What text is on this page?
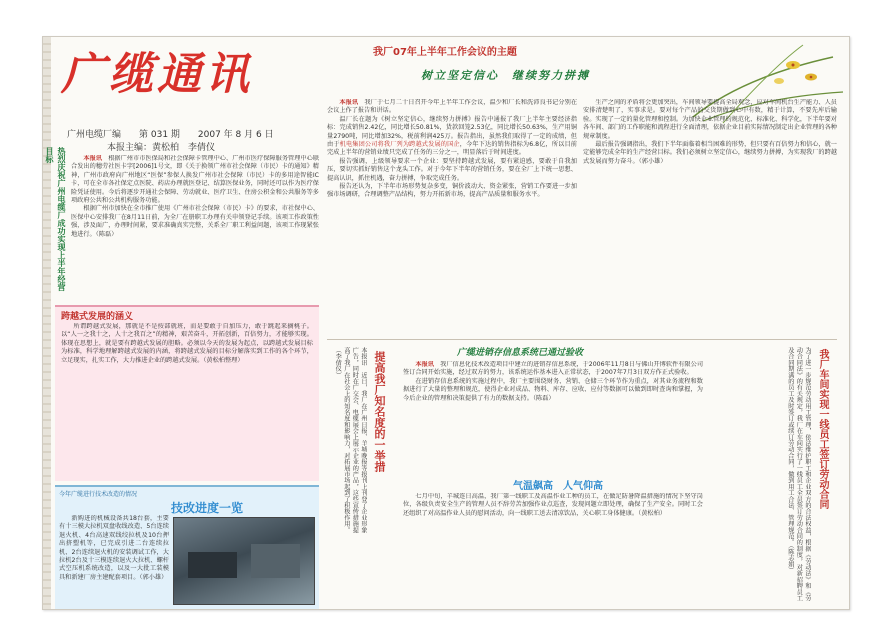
广缆通讯
广州电缆厂编 第 031 期 2007 年 8 月 6 日
本报主编：黄松柏　李倩仪
我厂07年上半年工作会议的主题
树立坚定信心　继续努力拼搏
热烈庆祝广州电缆厂成功实现上半年经营目标	本报讯　 根据广州市市医保局和社会保障卡管理中心、广州市医疗保障服务管理中心联合发出的穗劳社医卡字[2006]1号文，即《关于换领广州市社会保障（市民）卡的通知》精神，广州市政府向广州地区“医保”参保人换发广州市社会保障（市民）卡的多用途智能IC卡，可在全市各社保定点医院、药店办理就医登记、结算医保业务，同时还可以作为医疗保险凭证使用。今后将逐步开通社会保障、劳动就业、医疗卫生、住房公积金和公共服务等多项政府公共和公共机构服务功能。

根据广州市加快在全市推广使用《广州市社会保障（市民）卡》的要求，市社保中心、医保中心安排我厂在8月11日前，为全厂在册职工办理有关申领登记手续。该项工作政策性强，涉及面广，办理时间紧，要求准确真实完整，关系全厂职工利益问题，该项工作现紧张地进行。（陈磊）

跨越式发展的涵义

所谓跨越式发展，那就是不是按部就班，而是要敢于自加压力，敢于跳起来摘桃子。以“人一之我十之，人十之我百之”的精神，艰苦奋斗，开拓创新，百倍努力，才能够实现。体现在思想上，就是要有跨越式发展的胆略。必须以今天的发展为起点，以跨越式发展目标为标准，科学地理解跨越式发展的内涵，将跨越式发展的目标分解落实到工作的各个环节，立足现实，扎实工作，大力推进企业的跨越式发展。（黄松柏整理）

今年广缆进行技术改造的情况
技改进度一览

新购进的机械设备共18台套，主要有十三模大拉机双盘收线改造、5台连续退火机、4台高速双线绞拉机及10台押出挤塑机等，已完成引进二台连续拉机、2台连续退火机的安装调试工作，大拉机2台及十三模连续退火大拉机、螺杆式空压机系统改造，以及一大批工装模具和新建厂房主建配套项目。（郭小雄）

本报讯　 我厂于七月二十日召开今年上半年工作会议，温少和厂长和洗沛良书记分别在会议上作了报告和讲话。

温厂长在题为《树立坚定信心，继续努力拼搏》报告中通报了我厂上半年主要经济指标：完成销售2.42亿，同比增长50.81%，货款回笼2.53亿，同比增长50.63%，生产用铜量2790吨，同比增加32%，税前利润425万。报告指出，虽然我们取得了一定的成绩，但由于机电集团公司将我厂列为跨越式发展的国企，今年下达的销售指标为6.8亿，所以目前完成上半年的营销业绩只完成了任务的三分之一，明显落后于时间进度。

报告强调，上级领导要求一个企业：要坚持跨越式发展，要有紧迫感，要敢于自我加压，要切实抓好销售这个龙头工作。对于今年下半年的营销任务，要在全厂上下统一思想、提高认识，抓住机遇，奋力拼搏，争取完成任务。

报告还认为，下半年市场形势复杂多变，铜价波动大、资金紧张，营销工作要进一步加强市场调研，合理调整产品结构，努力开拓新市场，提高产品质量和服务水平。

生产之间的矛盾将会更加突出，车间领导要提高全局观念，应对车间机台生产能力、人员安排清楚明了，实事求是。要对每个产品的交货期做到心中有数，精于计算，不要先库后输验。实现了一定的量化管理和控制。为加快企业管理的规范化、标准化、科学化，下半年要对各车间、部门的工作职能和流程进行全面清理，依据企业目前实际情况制定出企业管理的各种规章制度。

最后报告强调指出，我们下半年面临着相当困难的形势，但只要有百倍努力和信心，就一定能够完成全年的生产经营目标。我们必须树立坚定信心，继续努力拼搏，为实现我厂的跨越式发展而努力奋斗。（郭小雄）

提高我厂知名度的一举措
本报讯　近日，我厂在广州日报、羊城晚报等报刊上刊登了企业形象广告，同时在广交会、电缆展会上展示企业的产品，这些宣传措施提高了我厂在社会上的知名度和影响力，对拓展市场起到了积极作用。（李倩仪）	广缆进销存信息系统已通过验收

本报讯　 我厂信息化技术改造项目中建立的进销存信息系统，于2006年11月8日与佛山开博软件有限公司签订合同开始实施，经过双方的努力，该系统运作基本进入正常状态，于2007年7月3日双方作正式验收。

在进销存信息系统的实施过程中，我厂主要围绕财务、营销、仓储三个环节作为重点，对其业务流程和数据进行了大量的整理和规范，使得企业对成品、物料、库存、应收、应付等数据可以做到即时查询和掌握，为今后企业的管理和决策提供了有力的数据支持。（陈磊）

气温飙高　人气仰高

七月中旬，羊城连日高温，我厂第一线职工及高温作业工种的员工，在做足防暑降温措施的情况下坚守岗位，各级负责安全生产的管理人员不辞劳苦加强作业点巡查，发现问题立即处理，确保了生产安全。同时工会还组织了对高温作业人员的慰问活动，向一线职工送去清凉饮品，关心职工身体健康。（黄松柏）

我厂车间实现一线员工签订劳动合同
为了进一步规范劳动用工管理，依法维护职工和企业双方的合法权益，根据《劳动法》和《劳动合同法》的有关规定，我厂在车间实行了一线员工全员签订劳动合同的制度，对新招聘员工及合同期满的员工及时签订或续订劳动合同，做到用工合法、管理规范。（陈志娟）
